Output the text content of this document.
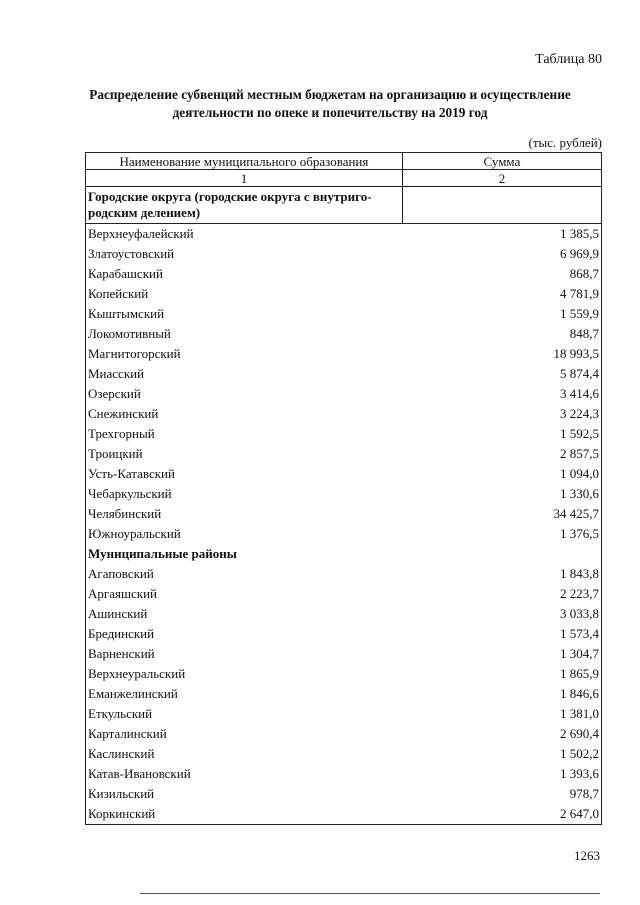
Таблица 80
Распределение субвенций местным бюджетам на организацию и осуществление
деятельности по опеке и попечительству на 2019 год
(тыс. рублей)
Наименование муниципального образования	Сумма
1	2

Городские округа (городские округа с внутриго-
родским делением)	

Верхнеуфалейский	1 385,5
Златоустовский	6 969,9
Карабашский	868,7
Копейский	4 781,9
Кыштымский	1 559,9
Локомотивный	848,7
Магнитогорский	18 993,5
Миасский	5 874,4
Озерский	3 414,6
Снежинский	3 224,3
Трехгорный	1 592,5
Троицкий	2 857,5
Усть-Катавский	1 094,0
Чебаркульский	1 330,6
Челябинский	34 425,7
Южноуральский	1 376,5
Муниципальные районы	
Агаповский	1 843,8
Аргаяшский	2 223,7
Ашинский	3 033,8
Брединский	1 573,4
Варненский	1 304,7
Верхнеуральский	1 865,9
Еманжелинский	1 846,6
Еткульский	1 381,0
Карталинский	2 690,4
Каслинский	1 502,2
Катав-Ивановский	1 393,6
Кизильский	978,7
Коркинский	2 647,0
1263
